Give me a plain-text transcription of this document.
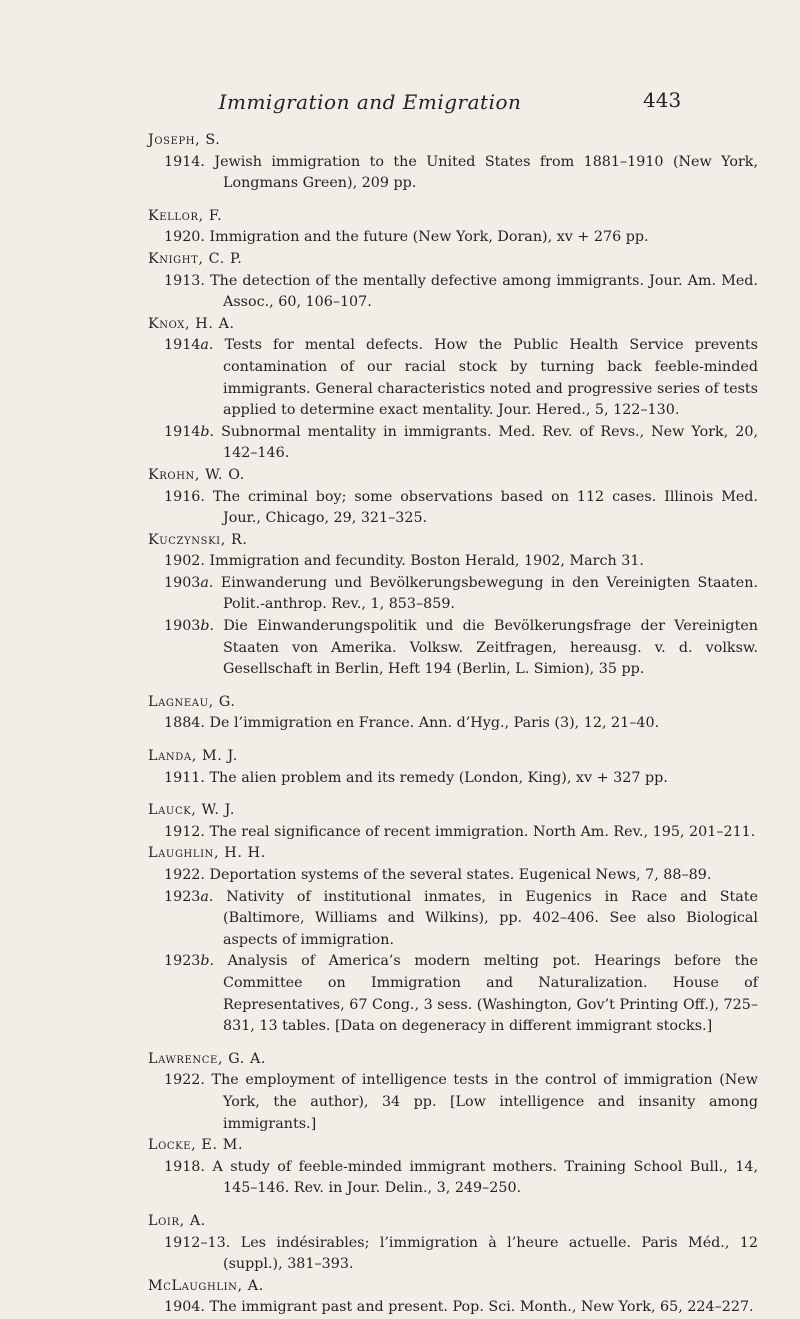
Immigration and Emigration	443
Joseph, S.
1914. Jewish immigration to the United States from 1881–1910 (New York, Longmans Green), 209 pp.
Kellor, F.
1920. Immigration and the future (New York, Doran), xv + 276 pp.
Knight, C. P.
1913. The detection of the mentally defective among immigrants. Jour. Am. Med. Assoc., 60, 106–107.
Knox, H. A.
1914a. Tests for mental defects. How the Public Health Service prevents contamination of our racial stock by turning back feeble-minded immigrants. General characteristics noted and progressive series of tests applied to determine exact mentality. Jour. Hered., 5, 122–130.
1914b. Subnormal mentality in immigrants. Med. Rev. of Revs., New York, 20, 142–146.
Krohn, W. O.
1916. The criminal boy; some observations based on 112 cases. Illinois Med. Jour., Chicago, 29, 321–325.
Kuczynski, R.
1902. Immigration and fecundity. Boston Herald, 1902, March 31.
1903a. Einwanderung und Bevölkerungsbewegung in den Vereinigten Staaten. Polit.-anthrop. Rev., 1, 853–859.
1903b. Die Einwanderungspolitik und die Bevölkerungsfrage der Vereinigten Staaten von Amerika. Volksw. Zeitfragen, hereausg. v. d. volksw. Gesellschaft in Berlin, Heft 194 (Berlin, L. Simion), 35 pp.
Lagneau, G.
1884. De l’immigration en France. Ann. d’Hyg., Paris (3), 12, 21–40.
Landa, M. J.
1911. The alien problem and its remedy (London, King), xv + 327 pp.
Lauck, W. J.
1912. The real significance of recent immigration. North Am. Rev., 195, 201–211.
Laughlin, H. H.
1922. Deportation systems of the several states. Eugenical News, 7, 88–89.
1923a. Nativity of institutional inmates, in Eugenics in Race and State (Baltimore, Williams and Wilkins), pp. 402–406. See also Biological aspects of immigration.
1923b. Analysis of America’s modern melting pot. Hearings before the Committee on Immigration and Naturalization. House of Representatives, 67 Cong., 3 sess. (Washington, Gov’t Printing Off.), 725–831, 13 tables. [Data on degeneracy in different immigrant stocks.]
Lawrence, G. A.
1922. The employment of intelligence tests in the control of immigration (New York, the author), 34 pp. [Low intelligence and insanity among immigrants.]
Locke, E. M.
1918. A study of feeble-minded immigrant mothers. Training School Bull., 14, 145–146. Rev. in Jour. Delin., 3, 249–250.
Loir, A.
1912–13. Les indésirables; l’immigration à l’heure actuelle. Paris Méd., 12 (suppl.), 381–393.
McLaughlin, A.
1904. The immigrant past and present. Pop. Sci. Month., New York, 65, 224–227.
